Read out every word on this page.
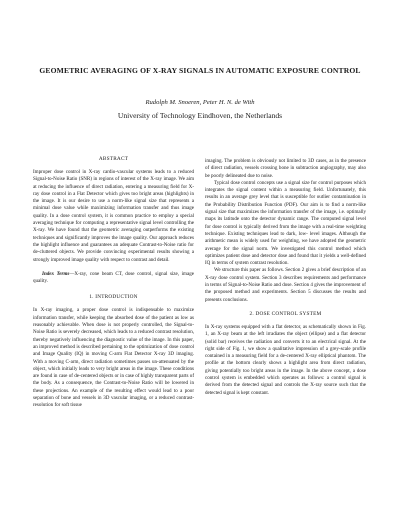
GEOMETRIC AVERAGING OF X-RAY SIGNALS IN AUTOMATIC EXPOSURE CONTROL
Rudolph M. Snoeren, Peter H. N. de With
University of Technology Eindhoven, the Netherlands
ABSTRACT

Improper dose control in X-ray cardio-vascular systems leads to a reduced Signal-to-Noise Ratio (SNR) in regions of interest of the X-ray image. We aim at reducing the influence of direct radiation, entering a measuring field for X-ray dose control in a Flat Detector which gives too bright areas (highlights) in the image. It is our desire to use a norm-like signal size that represents a minimal dose value while maximizing information transfer and thus image quality. In a dose control system, it is common practice to employ a special averaging technique for computing a representative signal level controlling the X-ray. We have found that the geometric averaging outperforms the existing techniques and significantly improves the image quality. Our approach reduces the highlight influence and guarantees an adequate Contrast-to-Noise ratio for de-cluttered objects. We provide convincing experimental results showing a strongly improved image quality with respect to contrast and detail.

Index Terms—X-ray, cone beam CT, dose control, signal size, image quality.

1. INTRODUCTION

In X-ray imaging, a proper dose control is indispensable to maximize information transfer, while keeping the absorbed dose of the patient as low as reasonably achievable. When dose is not properly controlled, the Signal-to-Noise Ratio is severely decreased, which leads to a reduced contrast resolution, thereby negatively influencing the diagnostic value of the image. In this paper, an improved method is described pertaining to the optimization of dose control and Image Quality (IQ) in moving C-arm Flat Detector X-ray 3D imaging. With a moving C-arm, direct radiation sometimes passes un-attenuated by the object, which initially leads to very bright areas in the image. These conditions are found in case of de-centered objects or in case of highly transparent parts of the body. As a consequence, the Contrast-to-Noise Ratio will be lowered in these projections. An example of the resulting effect would lead to a poor separation of bone and vessels in 3D vascular imaging, or a reduced contrast-resolution for soft tissue

imaging. The problem is obviously not limited to 3D cases, as in the presence of direct radiation, vessels crossing bone in subtraction angiography, may also be poorly delineated due to noise.

Typical dose control concepts use a signal size for control purposes which integrates the signal content within a measuring field. Unfortunately, this results in an average grey level that is susceptible for outlier contamination in the Probability Distribution Function (PDF). Our aim is to find a norm-like signal size that maximizes the information transfer of the image, i.e. optimally maps its latitude onto the detector dynamic range. The computed signal level for dose control is typically derived from the image with a real-time weighting technique. Existing techniques lead to dark, low- level images. Although the arithmetic mean is widely used for weighting, we have adopted the geometric average for the signal norm. We investigated this control method which optimizes patient dose and detector dose and found that it yields a well-defined IQ in terms of system contrast resolution.

We structure this paper as follows. Section 2 gives a brief description of an X-ray dose control system. Section 3 describes requirements and performance in terms of Signal-to-Noise Ratio and dose. Section 4 gives the improvement of the proposed method and experiments. Section 5 discusses the results and presents conclusions.

2. DOSE CONTROL SYSTEM

In X-ray systems equipped with a flat detector, as schematically shown in Fig. 1, an X-ray beam at the left irradiates the object (ellipse) and a flat detector (solid bar) receives the radiation and converts it to an electrical signal. At the right side of Fig. 1, we show a qualitative impression of a grey-scale profile contained in a measuring field for a de-centered X-ray elliptical phantom. The profile at the bottom clearly shows a highlight area from direct radiation, giving potentially too bright areas in the image. In the above concept, a dose control system is embedded which operates as follows: a control signal is derived from the detected signal and controls the X-ray source such that the detected signal is kept constant.
